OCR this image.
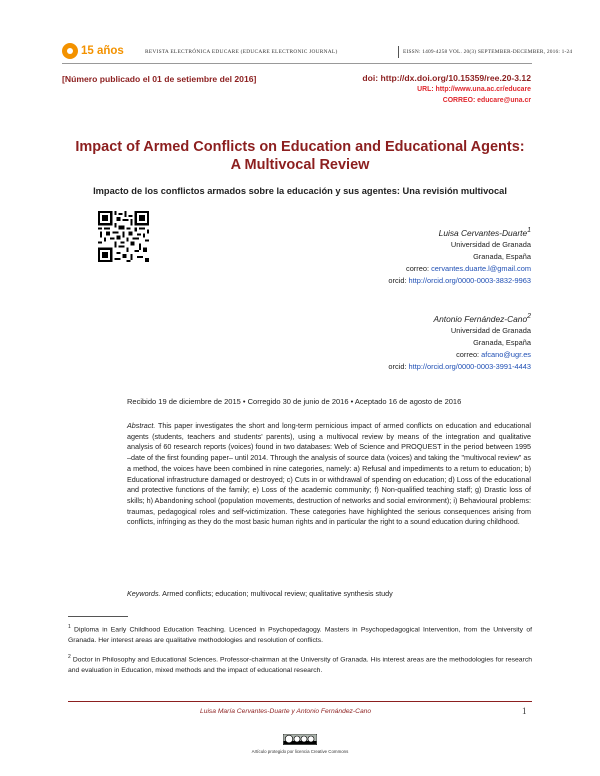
15 años	REVISTA ELECTRÓNICA EDUCARE (EDUCARE ELECTRONIC JOURNAL)	EISSN: 1409-4258 VOL. 20(3) SEPTEMBER-DECEMBER, 2016: 1-24
[Número publicado el 01 de setiembre del 2016]	doi: http://dx.doi.org/10.15359/ree.20-3.12
URL: http://www.una.ac.cr/educare
CORREO: educare@una.cr
Impact of Armed Conflicts on Education and Educational Agents:
A Multivocal Review
Impacto de los conflictos armados sobre la educación y sus agentes: Una revisión multivocal
Luisa Cervantes-Duarte$^1$
Universidad de Granada
Granada, España
correo: cervantes.duarte.l@gmail.com
orcid: http://orcid.org/0000-0003-3832-9963
Antonio Fernández-Cano$^2$
Universidad de Granada
Granada, España
correo: afcano@ugr.es
orcid: http://orcid.org/0000-0003-3991-4443
Recibido 19 de diciembre de 2015 • Corregido 30 de junio de 2016 • Aceptado 16 de agosto de 2016
Abstract. This paper investigates the short and long-term pernicious impact of armed conflicts on education and educational agents (students, teachers and students' parents), using a multivocal review by means of the integration and qualitative analysis of 60 research reports (voices) found in two databases: Web of Science and PROQUEST in the period between 1995 –date of the first founding paper– until 2014. Through the analysis of source data (voices) and taking the "multivocal review" as a method, the voices have been combined in nine categories, namely: a) Refusal and impediments to a return to education; b) Educational infrastructure damaged or destroyed; c) Cuts in or withdrawal of spending on education; d) Loss of the educational and protective functions of the family; e) Loss of the academic community; f) Non-qualified teaching staff; g) Drastic loss of skills; h) Abandoning school (population movements, destruction of networks and social environment); i) Behavioural problems: traumas, pedagogical roles and self-victimization. These categories have highlighted the serious consequences arising from conflicts, infringing as they do the most basic human rights and in particular the right to a sound education during childhood.
Keywords. Armed conflicts; education; multivocal review; qualitative synthesis study
$^1$ Diploma in Early Childhood Education Teaching. Licenced in Psychopedagogy. Masters in Psychopedagogical Intervention, from the University of Granada. Her interest areas are qualitative methodologies and resolution of conflicts.
$^2$ Doctor in Philosophy and Educational Sciences. Professor-chairman at the University of Granada. His interest areas are the methodologies for research and evaluation in Education, mixed methods and the impact of educational research.
Luisa María Cervantes-Duarte y Antonio Fernández-Cano	1
Artículo protegido por licencia Creative Commons
